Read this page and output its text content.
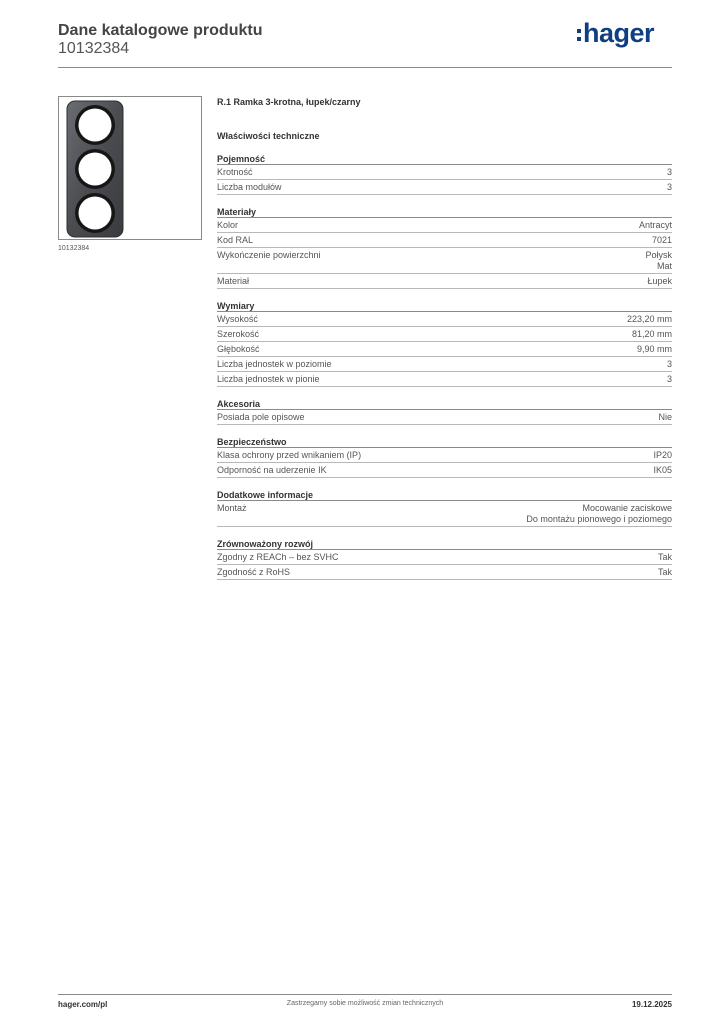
Dane katalogowe produktu
10132384
hager
10132384
R.1 Ramka 3-krotna, łupek/czarny
Właściwości techniczne
Pojemność
Krotność	3
Liczba modułów	3
Materiały
Kolor	Antracyt
Kod RAL	7021
Wykończenie powierzchni	Połysk
Mat
Materiał	Łupek
Wymiary
Wysokość	223,20 mm
Szerokość	81,20 mm
Głębokość	9,90 mm
Liczba jednostek w poziomie	3
Liczba jednostek w pionie	3
Akcesoria
Posiada pole opisowe	Nie
Bezpieczeństwo
Klasa ochrony przed wnikaniem (IP)	IP20
Odporność na uderzenie IK	IK05
Dodatkowe informacje
Montaż	Mocowanie zaciskowe
Do montażu pionowego i poziomego
Zrównoważony rozwój
Zgodny z REACh – bez SVHC	Tak
Zgodność z RoHS	Tak
hager.com/pl	Zastrzegamy sobie możliwość zmian technicznych	19.12.2025
